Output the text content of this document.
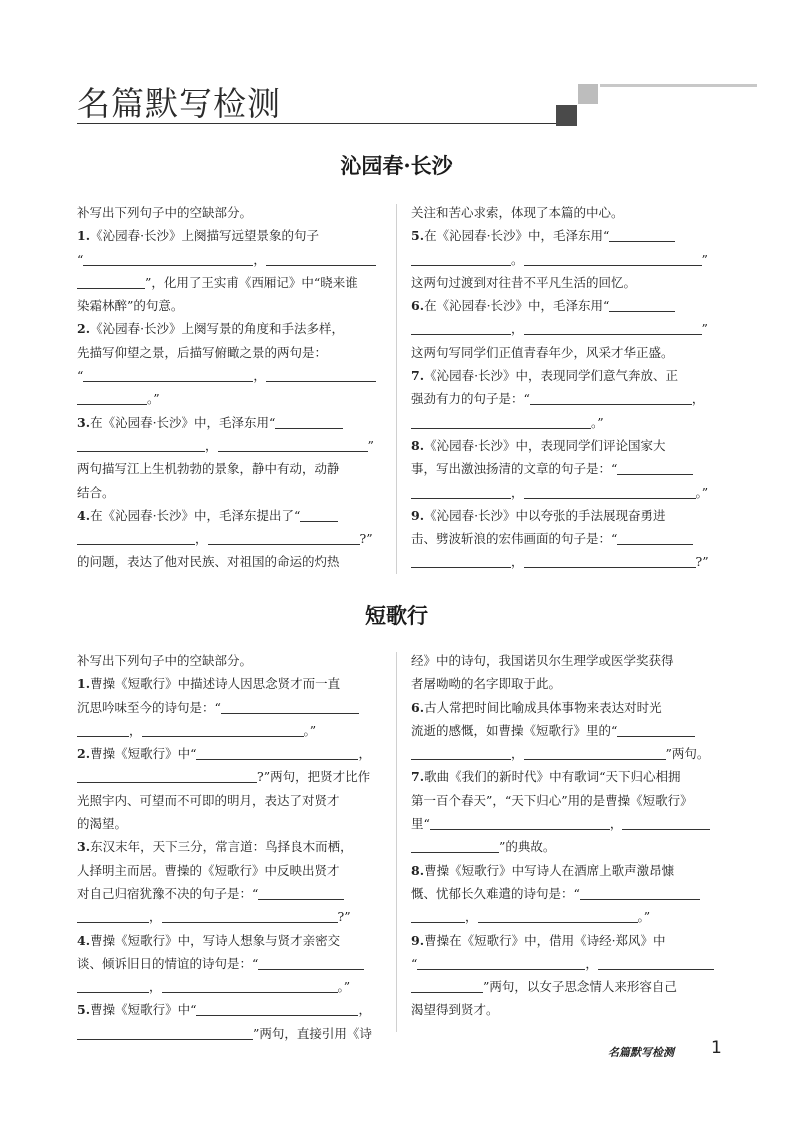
名篇默写检测
沁园春·长沙

补写出下列句子中的空缺部分。

1.《沁园春·长沙》上阕描写远望景象的句子

“	，

”，化用了王实甫《西厢记》中“晓来谁

染霜林醉”的句意。

2.《沁园春·长沙》上阕写景的角度和手法多样，

先描写仰望之景，后描写俯瞰之景的两句是：

“	，

。”

3.在《沁园春·长沙》中，毛泽东用“

，	”

两句描写江上生机勃勃的景象，静中有动，动静

结合。

4.在《沁园春·长沙》中，毛泽东提出了“

，	?”

的问题，表达了他对民族、对祖国的命运的灼热

关注和苦心求索，体现了本篇的中心。

5.在《沁园春·长沙》中，毛泽东用“

。	”

这两句过渡到对往昔不平凡生活的回忆。

6.在《沁园春·长沙》中，毛泽东用“

，	”

这两句写同学们正值青春年少，风采才华正盛。

7.《沁园春·长沙》中，表现同学们意气奔放、正

强劲有力的句子是：“	，

。”

8.《沁园春·长沙》中，表现同学们评论国家大

事，写出激浊扬清的文章的句子是：“

，	。”

9.《沁园春·长沙》中以夸张的手法展现奋勇进

击、劈波斩浪的宏伟画面的句子是：“

，	?”

短歌行

补写出下列句子中的空缺部分。

1.曹操《短歌行》中描述诗人因思念贤才而一直

沉思吟味至今的诗句是：“

，	。”

2.曹操《短歌行》中“	，

?”两句，把贤才比作

光照宇内、可望而不可即的明月，表达了对贤才

的渴望。

3.东汉末年，天下三分，常言道：鸟择良木而栖，

人择明主而居。曹操的《短歌行》中反映出贤才

对自己归宿犹豫不决的句子是：“

，	?”

4.曹操《短歌行》中，写诗人想象与贤才亲密交

谈、倾诉旧日的情谊的诗句是：“

，	。”

5.曹操《短歌行》中“	，

”两句，直接引用《诗

经》中的诗句，我国诺贝尔生理学或医学奖获得

者屠呦呦的名字即取于此。

6.古人常把时间比喻成具体事物来表达对时光

流逝的感慨，如曹操《短歌行》里的“

，	”两句。

7.歌曲《我们的新时代》中有歌词“天下归心相拥

第一百个春天”，“天下归心”用的是曹操《短歌行》

里“	，

”的典故。

8.曹操《短歌行》中写诗人在酒席上歌声激昂慷

慨、忧郁长久难遣的诗句是：“

，	。”

9.曹操在《短歌行》中，借用《诗经·郑风》中

“	，

”两句，以女子思念情人来形容自己

渴望得到贤才。

名篇默写检测 1
